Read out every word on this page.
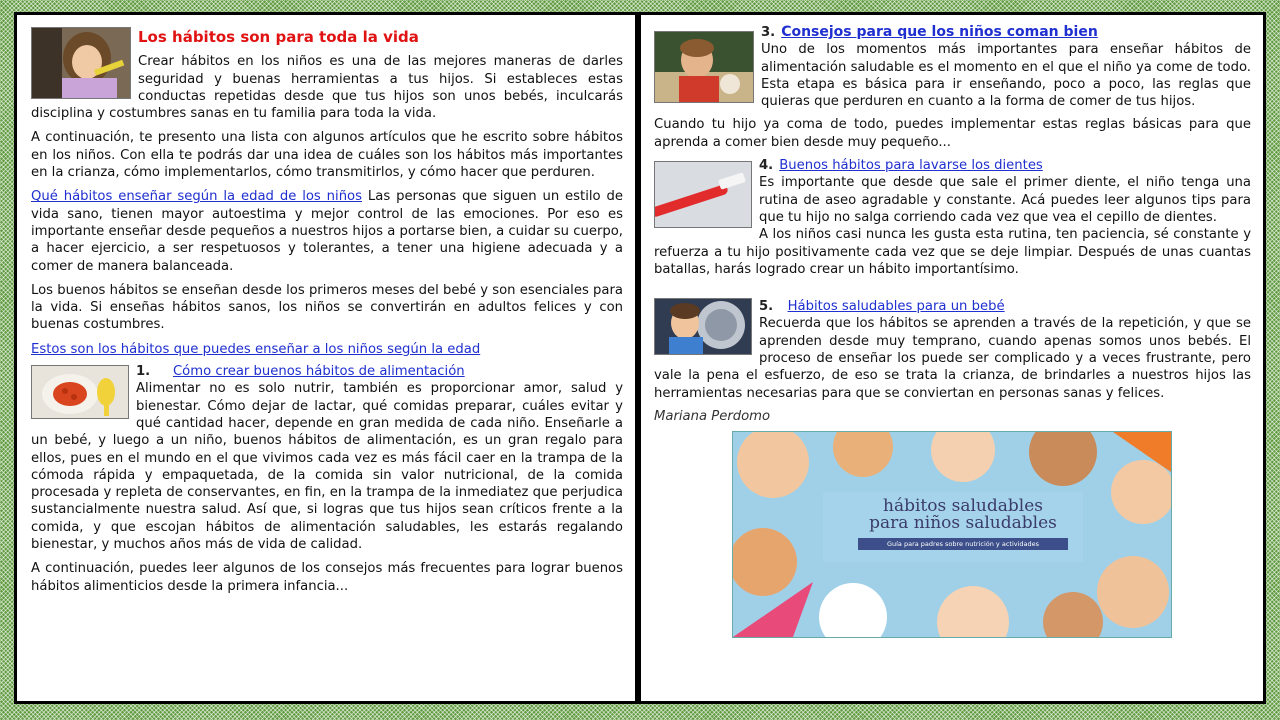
Los hábitos son para toda la vida

Crear hábitos en los niños es una de las mejores maneras de darles seguridad y buenas herramientas a tus hijos. Si estableces estas conductas repetidas desde que tus hijos son unos bebés, inculcarás disciplina y costumbres sanas en tu familia para toda la vida.

A continuación, te presento una lista con algunos artículos que he escrito sobre hábitos en los niños. Con ella te podrás dar una idea de cuáles son los hábitos más importantes en la crianza, cómo implementarlos, cómo transmitirlos, y cómo hacer que perduren.

Qué hábitos enseñar según la edad de los niños Las personas que siguen un estilo de vida sano, tienen mayor autoestima y mejor control de las emociones. Por eso es importante enseñar desde pequeños a nuestros hijos a portarse bien, a cuidar su cuerpo, a hacer ejercicio, a ser respetuosos y tolerantes, a tener una higiene adecuada y a comer de manera balanceada.

Los buenos hábitos se enseñan desde los primeros meses del bebé y son esenciales para la vida. Si enseñas hábitos sanos, los niños se convertirán en adultos felices y con buenas costumbres.

Estos son los hábitos que puedes enseñar a los niños según la edad

1. Cómo crear buenos hábitos de alimentación

Alimentar no es solo nutrir, también es proporcionar amor, salud y bienestar. Cómo dejar de lactar, qué comidas preparar, cuáles evitar y qué cantidad hacer, depende en gran medida de cada niño. Enseñarle a un bebé, y luego a un niño, buenos hábitos de alimentación, es un gran regalo para ellos, pues en el mundo en el que vivimos cada vez es más fácil caer en la trampa de la cómoda rápida y empaquetada, de la comida sin valor nutricional, de la comida procesada y repleta de conservantes, en fin, en la trampa de la inmediatez que perjudica sustancialmente nuestra salud. Así que, si logras que tus hijos sean críticos frente a la comida, y que escojan hábitos de alimentación saludables, les estarás regalando bienestar, y muchos años más de vida de calidad.

A continuación, puedes leer algunos de los consejos más frecuentes para lograr buenos hábitos alimenticios desde la primera infancia...

3. Consejos para que los niños coman bien

Uno de los momentos más importantes para enseñar hábitos de alimentación saludable es el momento en el que el niño ya come de todo. Esta etapa es básica para ir enseñando, poco a poco, las reglas que quieras que perduren en cuanto a la forma de comer de tus hijos.

Cuando tu hijo ya coma de todo, puedes implementar estas reglas básicas para que aprenda a comer bien desde muy pequeño...

4. Buenos hábitos para lavarse los dientes

Es importante que desde que sale el primer diente, el niño tenga una rutina de aseo agradable y constante. Acá puedes leer algunos tips para que tu hijo no salga corriendo cada vez que vea el cepillo de dientes.

A los niños casi nunca les gusta esta rutina, ten paciencia, sé constante y refuerza a tu hijo positivamente cada vez que se deje limpiar. Después de unas cuantas batallas, harás logrado crear un hábito importantísimo.

5. Hábitos saludables para un bebé

Recuerda que los hábitos se aprenden a través de la repetición, y que se aprenden desde muy temprano, cuando apenas somos unos bebés. El proceso de enseñar los puede ser complicado y a veces frustrante, pero vale la pena el esfuerzo, de eso se trata la crianza, de brindarles a nuestros hijos las herramientas necesarias para que se conviertan en personas sanas y felices.

Mariana Perdomo
hábitos saludables
para niños saludables
Guía para padres sobre nutrición y actividades
